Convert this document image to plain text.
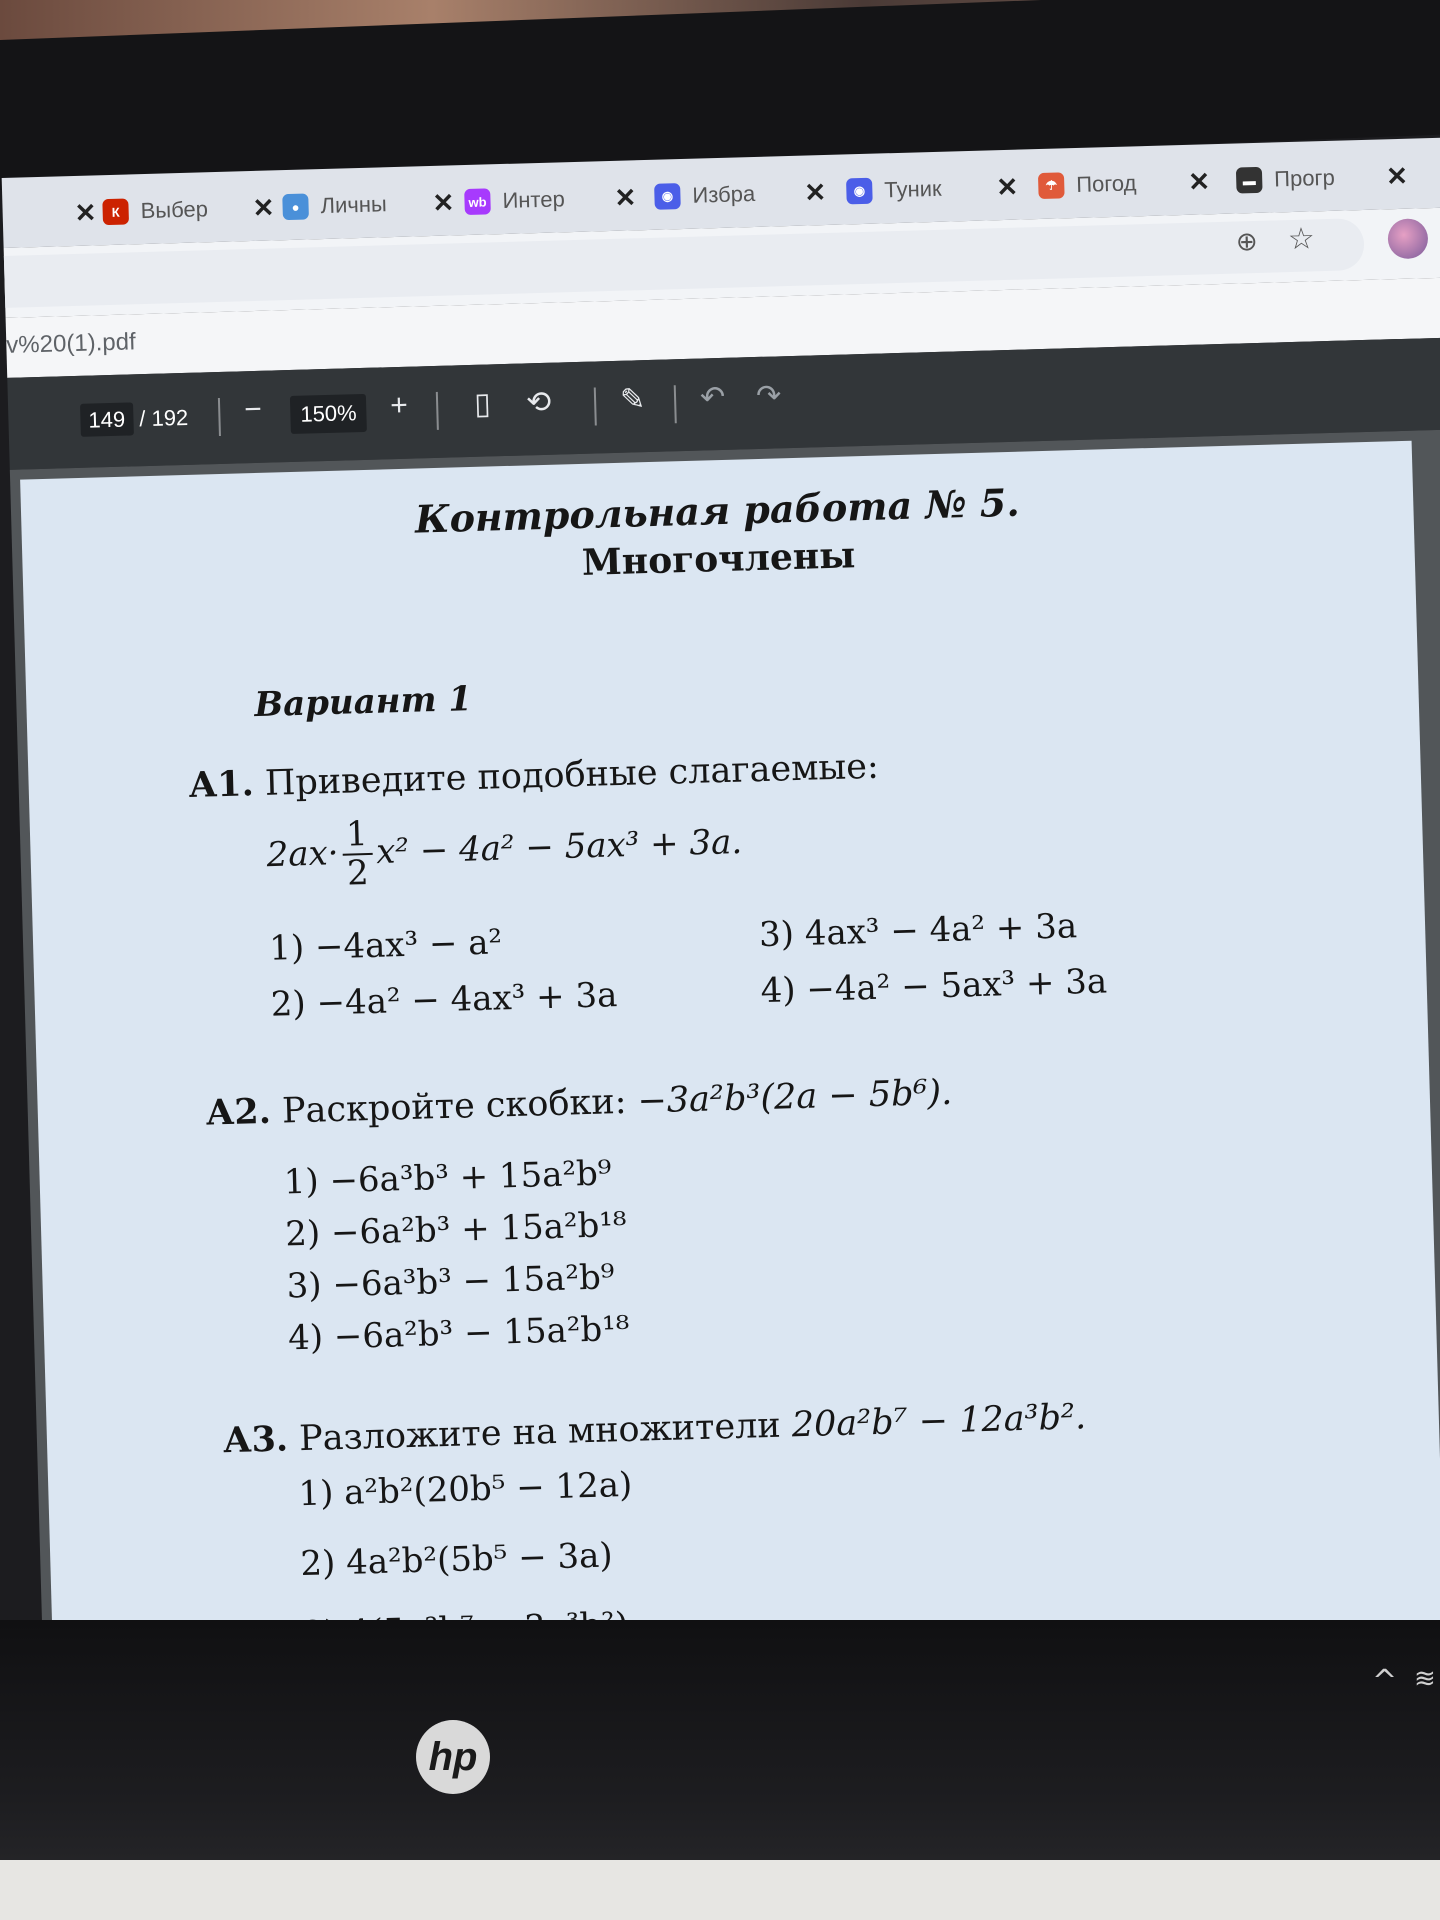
✕	К Выбер	✕	● Личны	✕	wb Интер	✕	◉ Избра	✕	◉ Туник	✕	☂ Погод	✕	▬ Прогр	✕
⊕ ☆
v%20(1).pdf
149 / 192 −	150%	+ ▯ ⟲ ✎ ↶ ↷
Контрольная работа № 5.
Многочлены
Вариант 1
А1. Приведите подобные слагаемые:
$2ax\cdot \frac{1}{2} x^2 - 4a^2 - 5ax^3 + 3a$.
1) −4ax³ − a²	3) 4ax³ − 4a² + 3a
2) −4a² − 4ax³ + 3a	4) −4a² − 5ax³ + 3a
А2. Раскройте скобки: −3a²b³(2a − 5b⁶).
1) −6a³b³ + 15a²b⁹
2) −6a²b³ + 15a²b¹⁸
3) −6a³b³ − 15a²b⁹
4) −6a²b³ − 15a²b¹⁸
А3. Разложите на множители 20a²b⁷ − 12a³b².
1) a²b²(20b⁵ − 12a)
2) 4a²b²(5b⁵ − 3a)
hp
^ ≋
